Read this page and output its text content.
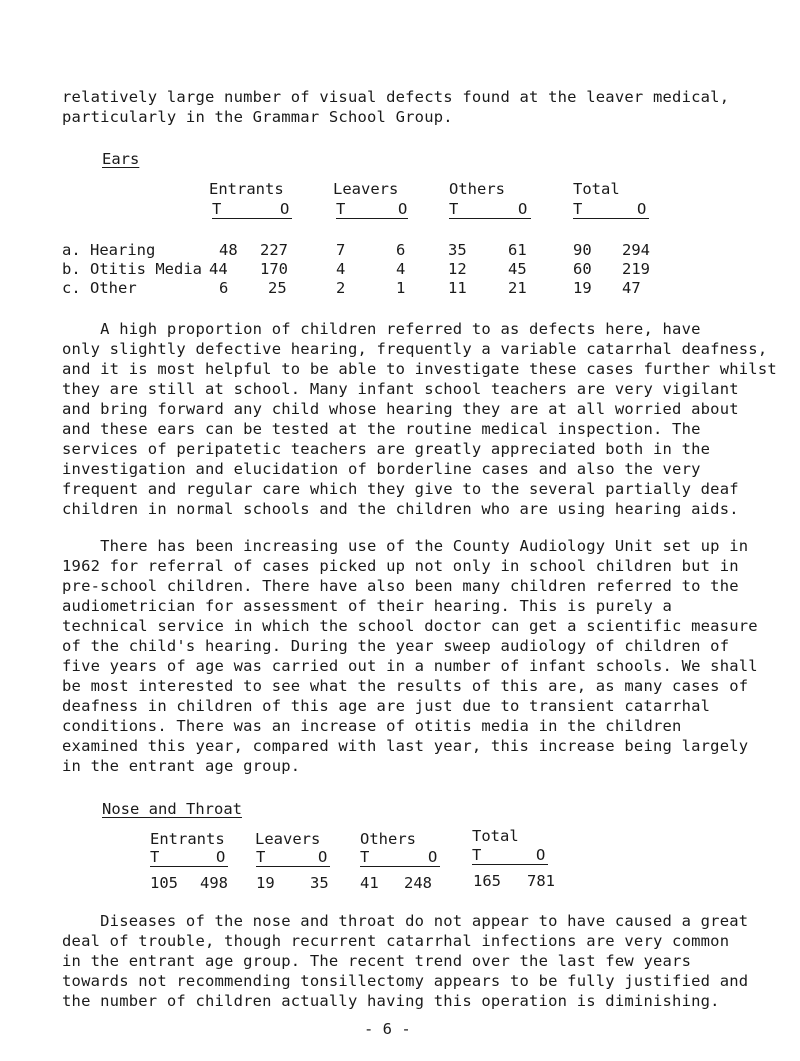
relatively large number of visual defects found at the leaver medical,
particularly in the Grammar School Group.
Ears
Entrants	Leavers	Others	Total
T	O	T	O	T	O	T	O
a. Hearing	48 227	7	6	35	61	90 294
b. Otitis Media 44 170	4	4	12	45	60 219
c. Other	6	25	2	1	11	21	19 47
A high proportion of children referred to as defects here, have
only slightly defective hearing, frequently a variable catarrhal deafness,
and it is most helpful to be able to investigate these cases further whilst
they are still at school. Many infant school teachers are very vigilant
and bring forward any child whose hearing they are at all worried about
and these ears can be tested at the routine medical inspection. The
services of peripatetic teachers are greatly appreciated both in the
investigation and elucidation of borderline cases and also the very
frequent and regular care which they give to the several partially deaf
children in normal schools and the children who are using hearing aids.
There has been increasing use of the County Audiology Unit set up in
1962 for referral of cases picked up not only in school children but in
pre-school children. There have also been many children referred to the
audiometrician for assessment of their hearing. This is purely a
technical service in which the school doctor can get a scientific measure
of the child's hearing. During the year sweep audiology of children of
five years of age was carried out in a number of infant schools. We shall
be most interested to see what the results of this are, as many cases of
deafness in children of this age are just due to transient catarrhal
conditions. There was an increase of otitis media in the children
examined this year, compared with last year, this increase being largely
in the entrant age group.
Nose and Throat
Entrants Leavers	Others	Total
T	O T	O T	O T	O
105 498 19 35 41 248	165 781
Diseases of the nose and throat do not appear to have caused a great
deal of trouble, though recurrent catarrhal infections are very common
in the entrant age group. The recent trend over the last few years
towards not recommending tonsillectomy appears to be fully justified and
the number of children actually having this operation is diminishing.
- 6 -
